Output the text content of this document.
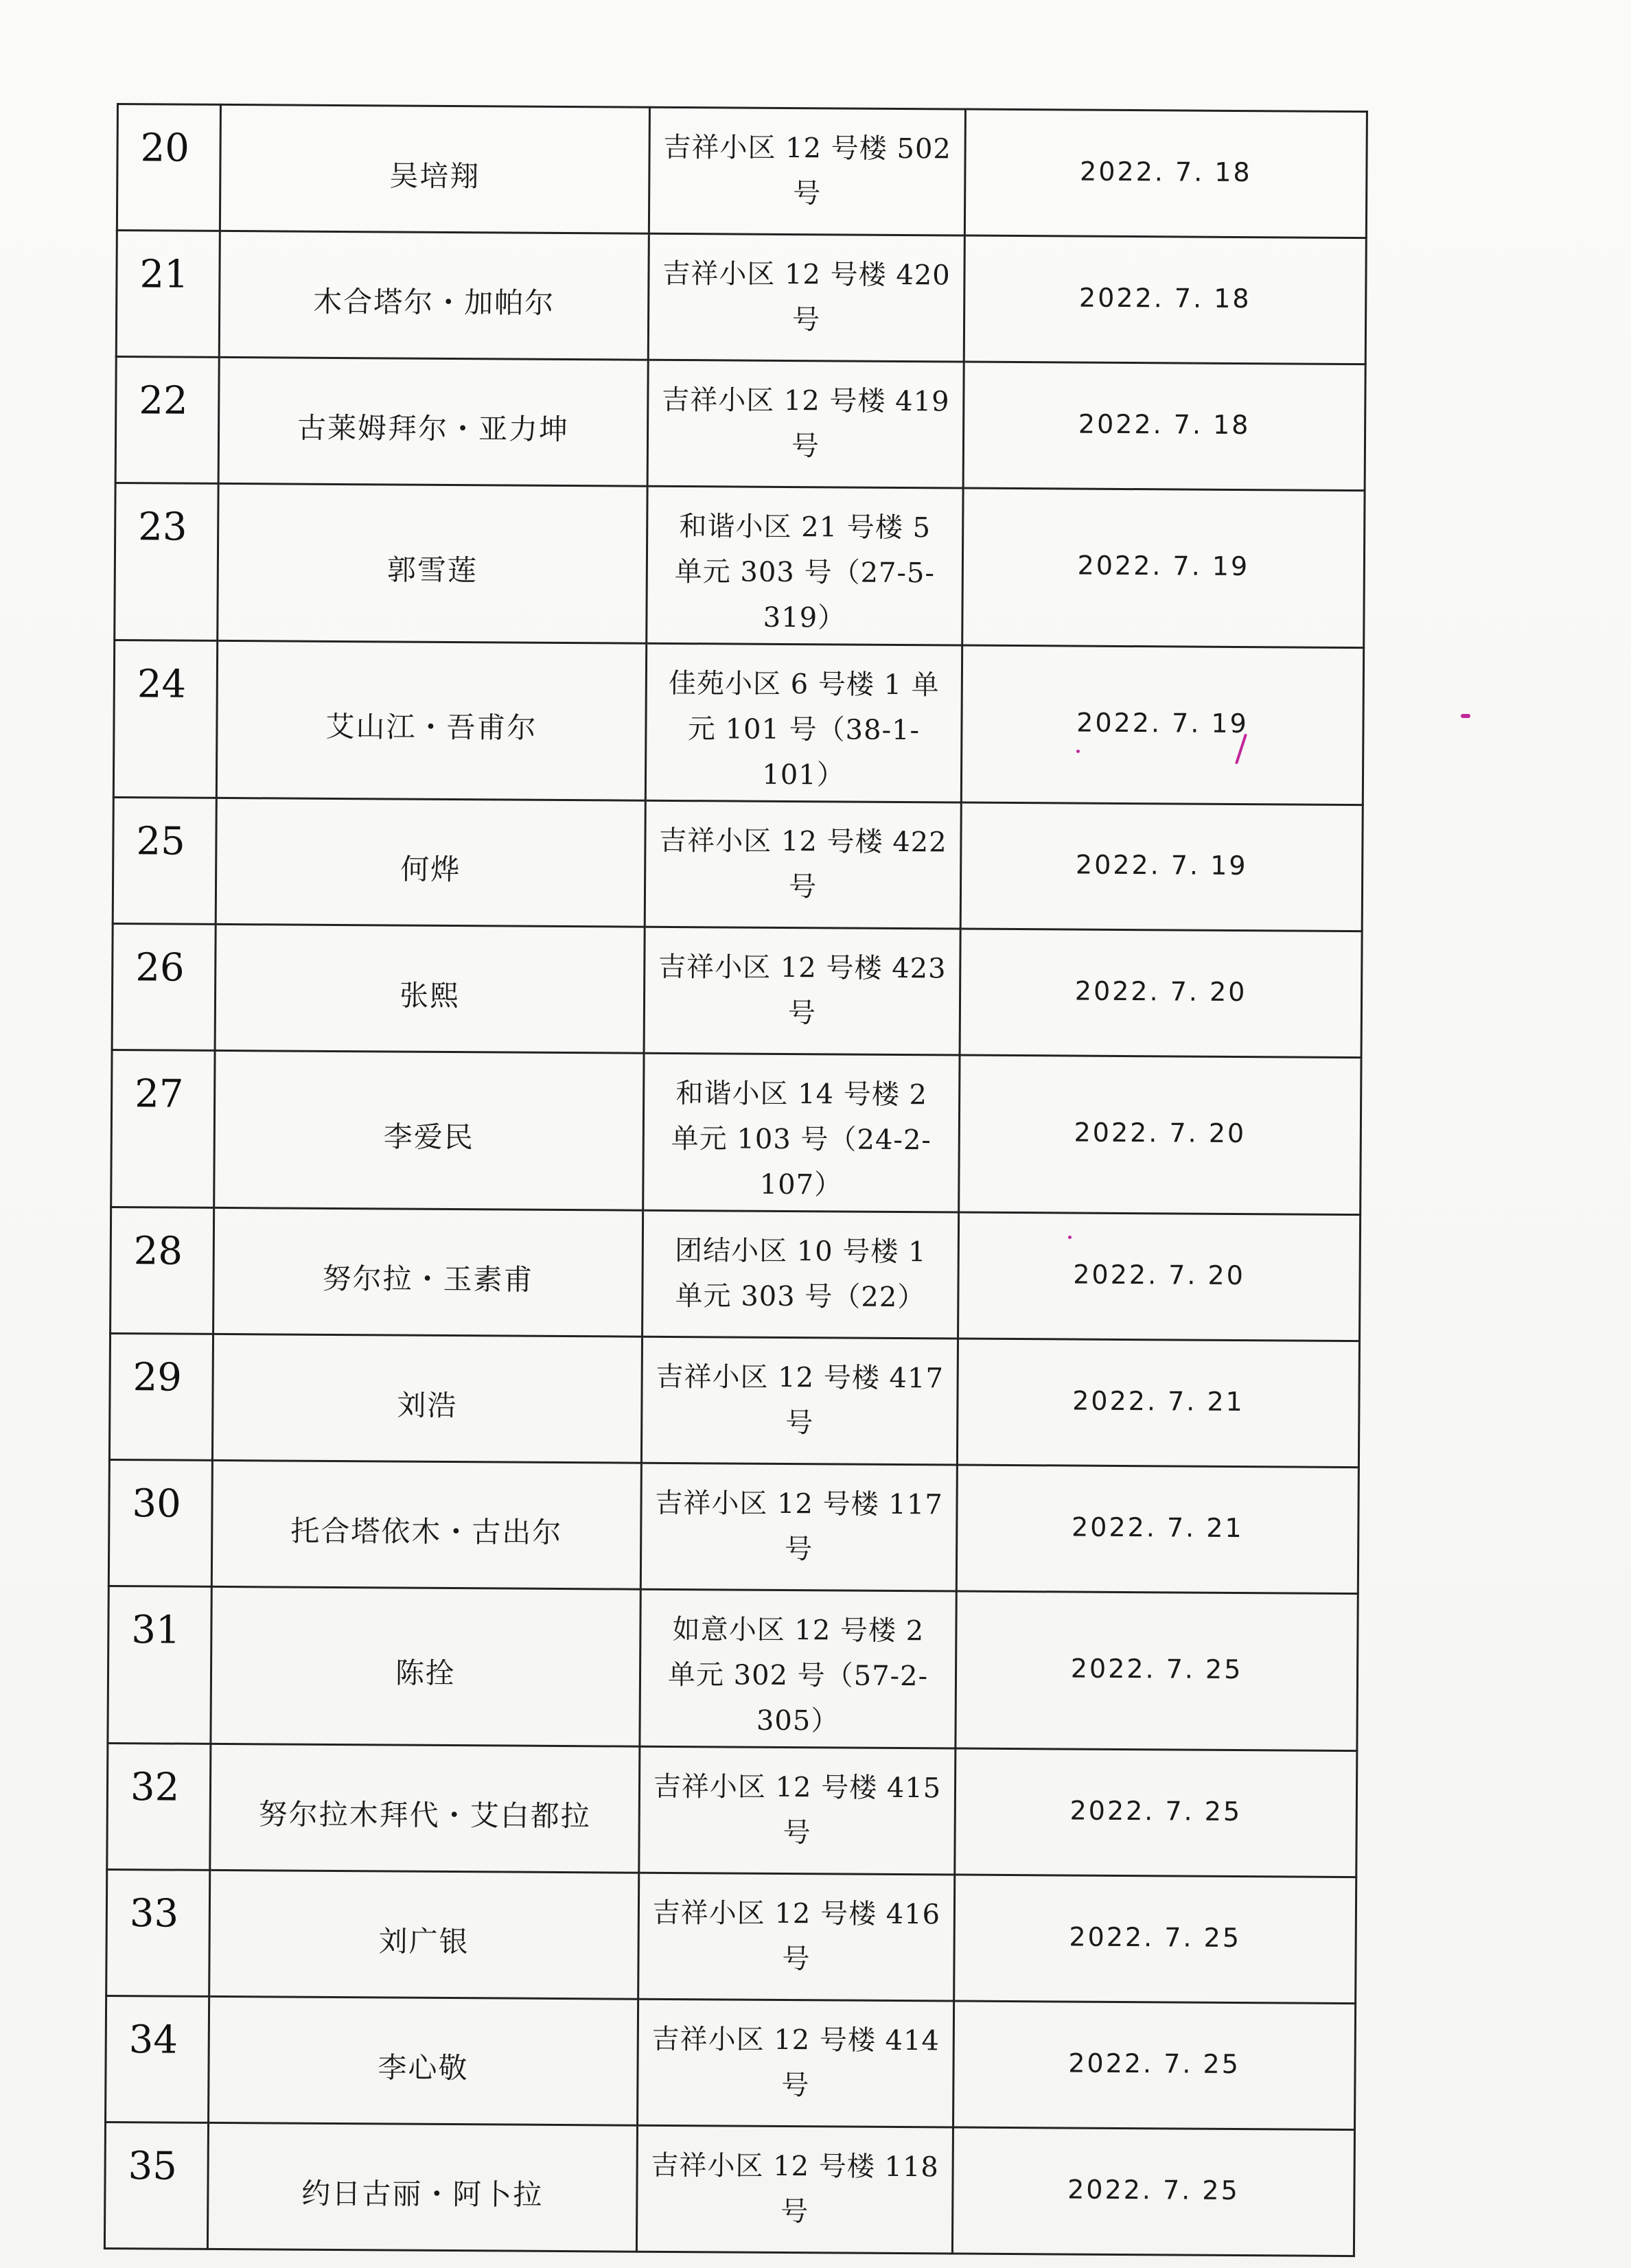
20	吴培翔	吉祥小区 12 号楼 502 号	2022. 7. 18
21	木合塔尔・加帕尔	吉祥小区 12 号楼 420 号	2022. 7. 18
22	古莱姆拜尔・亚力坤	吉祥小区 12 号楼 419 号	2022. 7. 18
23	郭雪莲	和谐小区 21 号楼 5 单元 303 号（27-5-319）	2022. 7. 19
24	艾山江・吾甫尔	佳苑小区 6 号楼 1 单元 101 号（38-1-101）	2022. 7. 19
25	何烨	吉祥小区 12 号楼 422 号	2022. 7. 19
26	张熙	吉祥小区 12 号楼 423 号	2022. 7. 20
27	李爱民	和谐小区 14 号楼 2 单元 103 号（24-2-107）	2022. 7. 20
28	努尔拉・玉素甫	团结小区 10 号楼 1 单元 303 号（22）	2022. 7. 20
29	刘浩	吉祥小区 12 号楼 417 号	2022. 7. 21
30	托合塔依木・古出尔	吉祥小区 12 号楼 117 号	2022. 7. 21
31	陈拴	如意小区 12 号楼 2 单元 302 号（57-2-305）	2022. 7. 25
32	努尔拉木拜代・艾白都拉	吉祥小区 12 号楼 415 号	2022. 7. 25
33	刘广银	吉祥小区 12 号楼 416 号	2022. 7. 25
34	李心敬	吉祥小区 12 号楼 414 号	2022. 7. 25
35	约日古丽・阿卜拉	吉祥小区 12 号楼 118 号	2022. 7. 25
